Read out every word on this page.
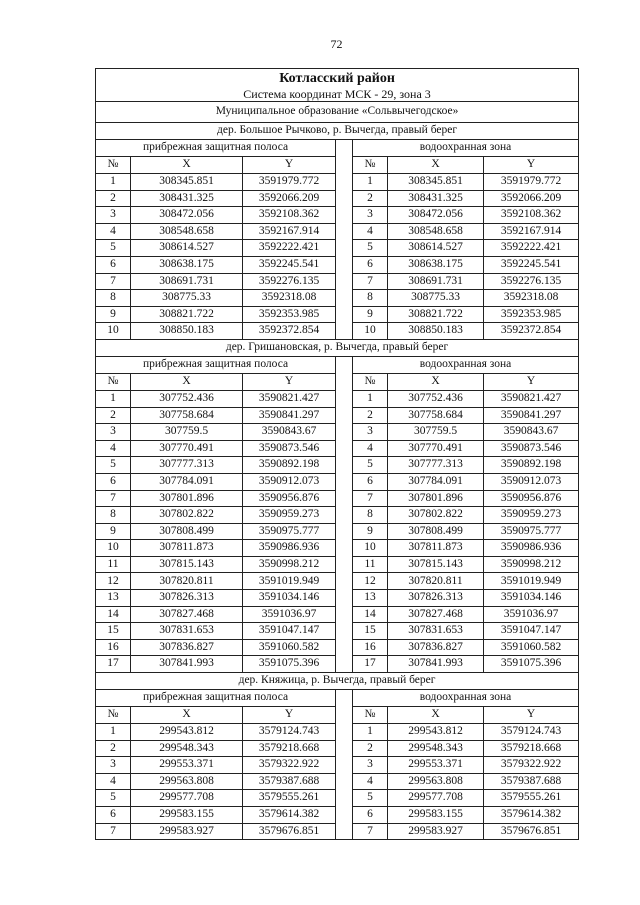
72
Котласский район
Система координат МСК - 29, зона 3						

Муниципальное образование «Сольвычегодское»						
дер. Большое Рычково, р. Вычегда, правый берег						
прибрежная защитная полоса				водоохранная зона		
№	X	Y		№	X	Y
1	308345.851	3591979.772		1	308345.851	3591979.772
2	308431.325	3592066.209		2	308431.325	3592066.209
3	308472.056	3592108.362		3	308472.056	3592108.362
4	308548.658	3592167.914		4	308548.658	3592167.914
5	308614.527	3592222.421		5	308614.527	3592222.421
6	308638.175	3592245.541		6	308638.175	3592245.541
7	308691.731	3592276.135		7	308691.731	3592276.135
8	308775.33	3592318.08		8	308775.33	3592318.08
9	308821.722	3592353.985		9	308821.722	3592353.985
10	308850.183	3592372.854		10	308850.183	3592372.854
дер. Гришановская, р. Вычегда, правый берег						
прибрежная защитная полоса				водоохранная зона		
№	X	Y		№	X	Y
1	307752.436	3590821.427		1	307752.436	3590821.427
2	307758.684	3590841.297		2	307758.684	3590841.297
3	307759.5	3590843.67		3	307759.5	3590843.67
4	307770.491	3590873.546		4	307770.491	3590873.546
5	307777.313	3590892.198		5	307777.313	3590892.198
6	307784.091	3590912.073		6	307784.091	3590912.073
7	307801.896	3590956.876		7	307801.896	3590956.876
8	307802.822	3590959.273		8	307802.822	3590959.273
9	307808.499	3590975.777		9	307808.499	3590975.777
10	307811.873	3590986.936		10	307811.873	3590986.936
11	307815.143	3590998.212		11	307815.143	3590998.212
12	307820.811	3591019.949		12	307820.811	3591019.949
13	307826.313	3591034.146		13	307826.313	3591034.146
14	307827.468	3591036.97		14	307827.468	3591036.97
15	307831.653	3591047.147		15	307831.653	3591047.147
16	307836.827	3591060.582		16	307836.827	3591060.582
17	307841.993	3591075.396		17	307841.993	3591075.396
дер. Княжица, р. Вычегда, правый берег						
прибрежная защитная полоса				водоохранная зона		
№	X	Y		№	X	Y
1	299543.812	3579124.743		1	299543.812	3579124.743
2	299548.343	3579218.668		2	299548.343	3579218.668
3	299553.371	3579322.922		3	299553.371	3579322.922
4	299563.808	3579387.688		4	299563.808	3579387.688
5	299577.708	3579555.261		5	299577.708	3579555.261
6	299583.155	3579614.382		6	299583.155	3579614.382
7	299583.927	3579676.851		7	299583.927	3579676.851
